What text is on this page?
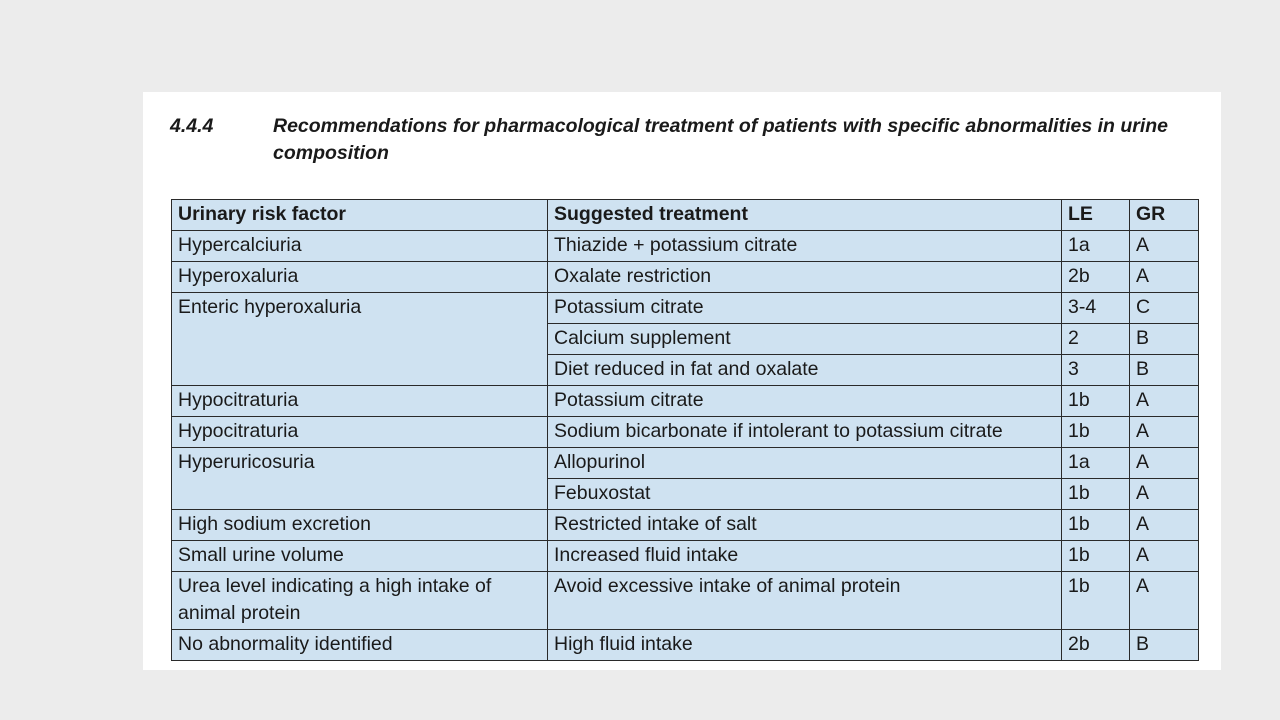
4.4.4	Recommendations for pharmacological treatment of patients with specific abnormalities in urine composition
Urinary risk factor	Suggested treatment	LE	GR
Hypercalciuria	Thiazide + potassium citrate	1a	A
Hyperoxaluria	Oxalate restriction	2b	A
Enteric hyperoxaluria	Potassium citrate	3-4	C
	Calcium supplement	2	B
	Diet reduced in fat and oxalate	3	B
Hypocitraturia	Potassium citrate	1b	A
Hypocitraturia	Sodium bicarbonate if intolerant to potassium citrate	1b	A
Hyperuricosuria	Allopurinol	1a	A
	Febuxostat	1b	A
High sodium excretion	Restricted intake of salt	1b	A
Small urine volume	Increased fluid intake	1b	A
Urea level indicating a high intake of animal protein	Avoid excessive intake of animal protein	1b	A
No abnormality identified	High fluid intake	2b	B
